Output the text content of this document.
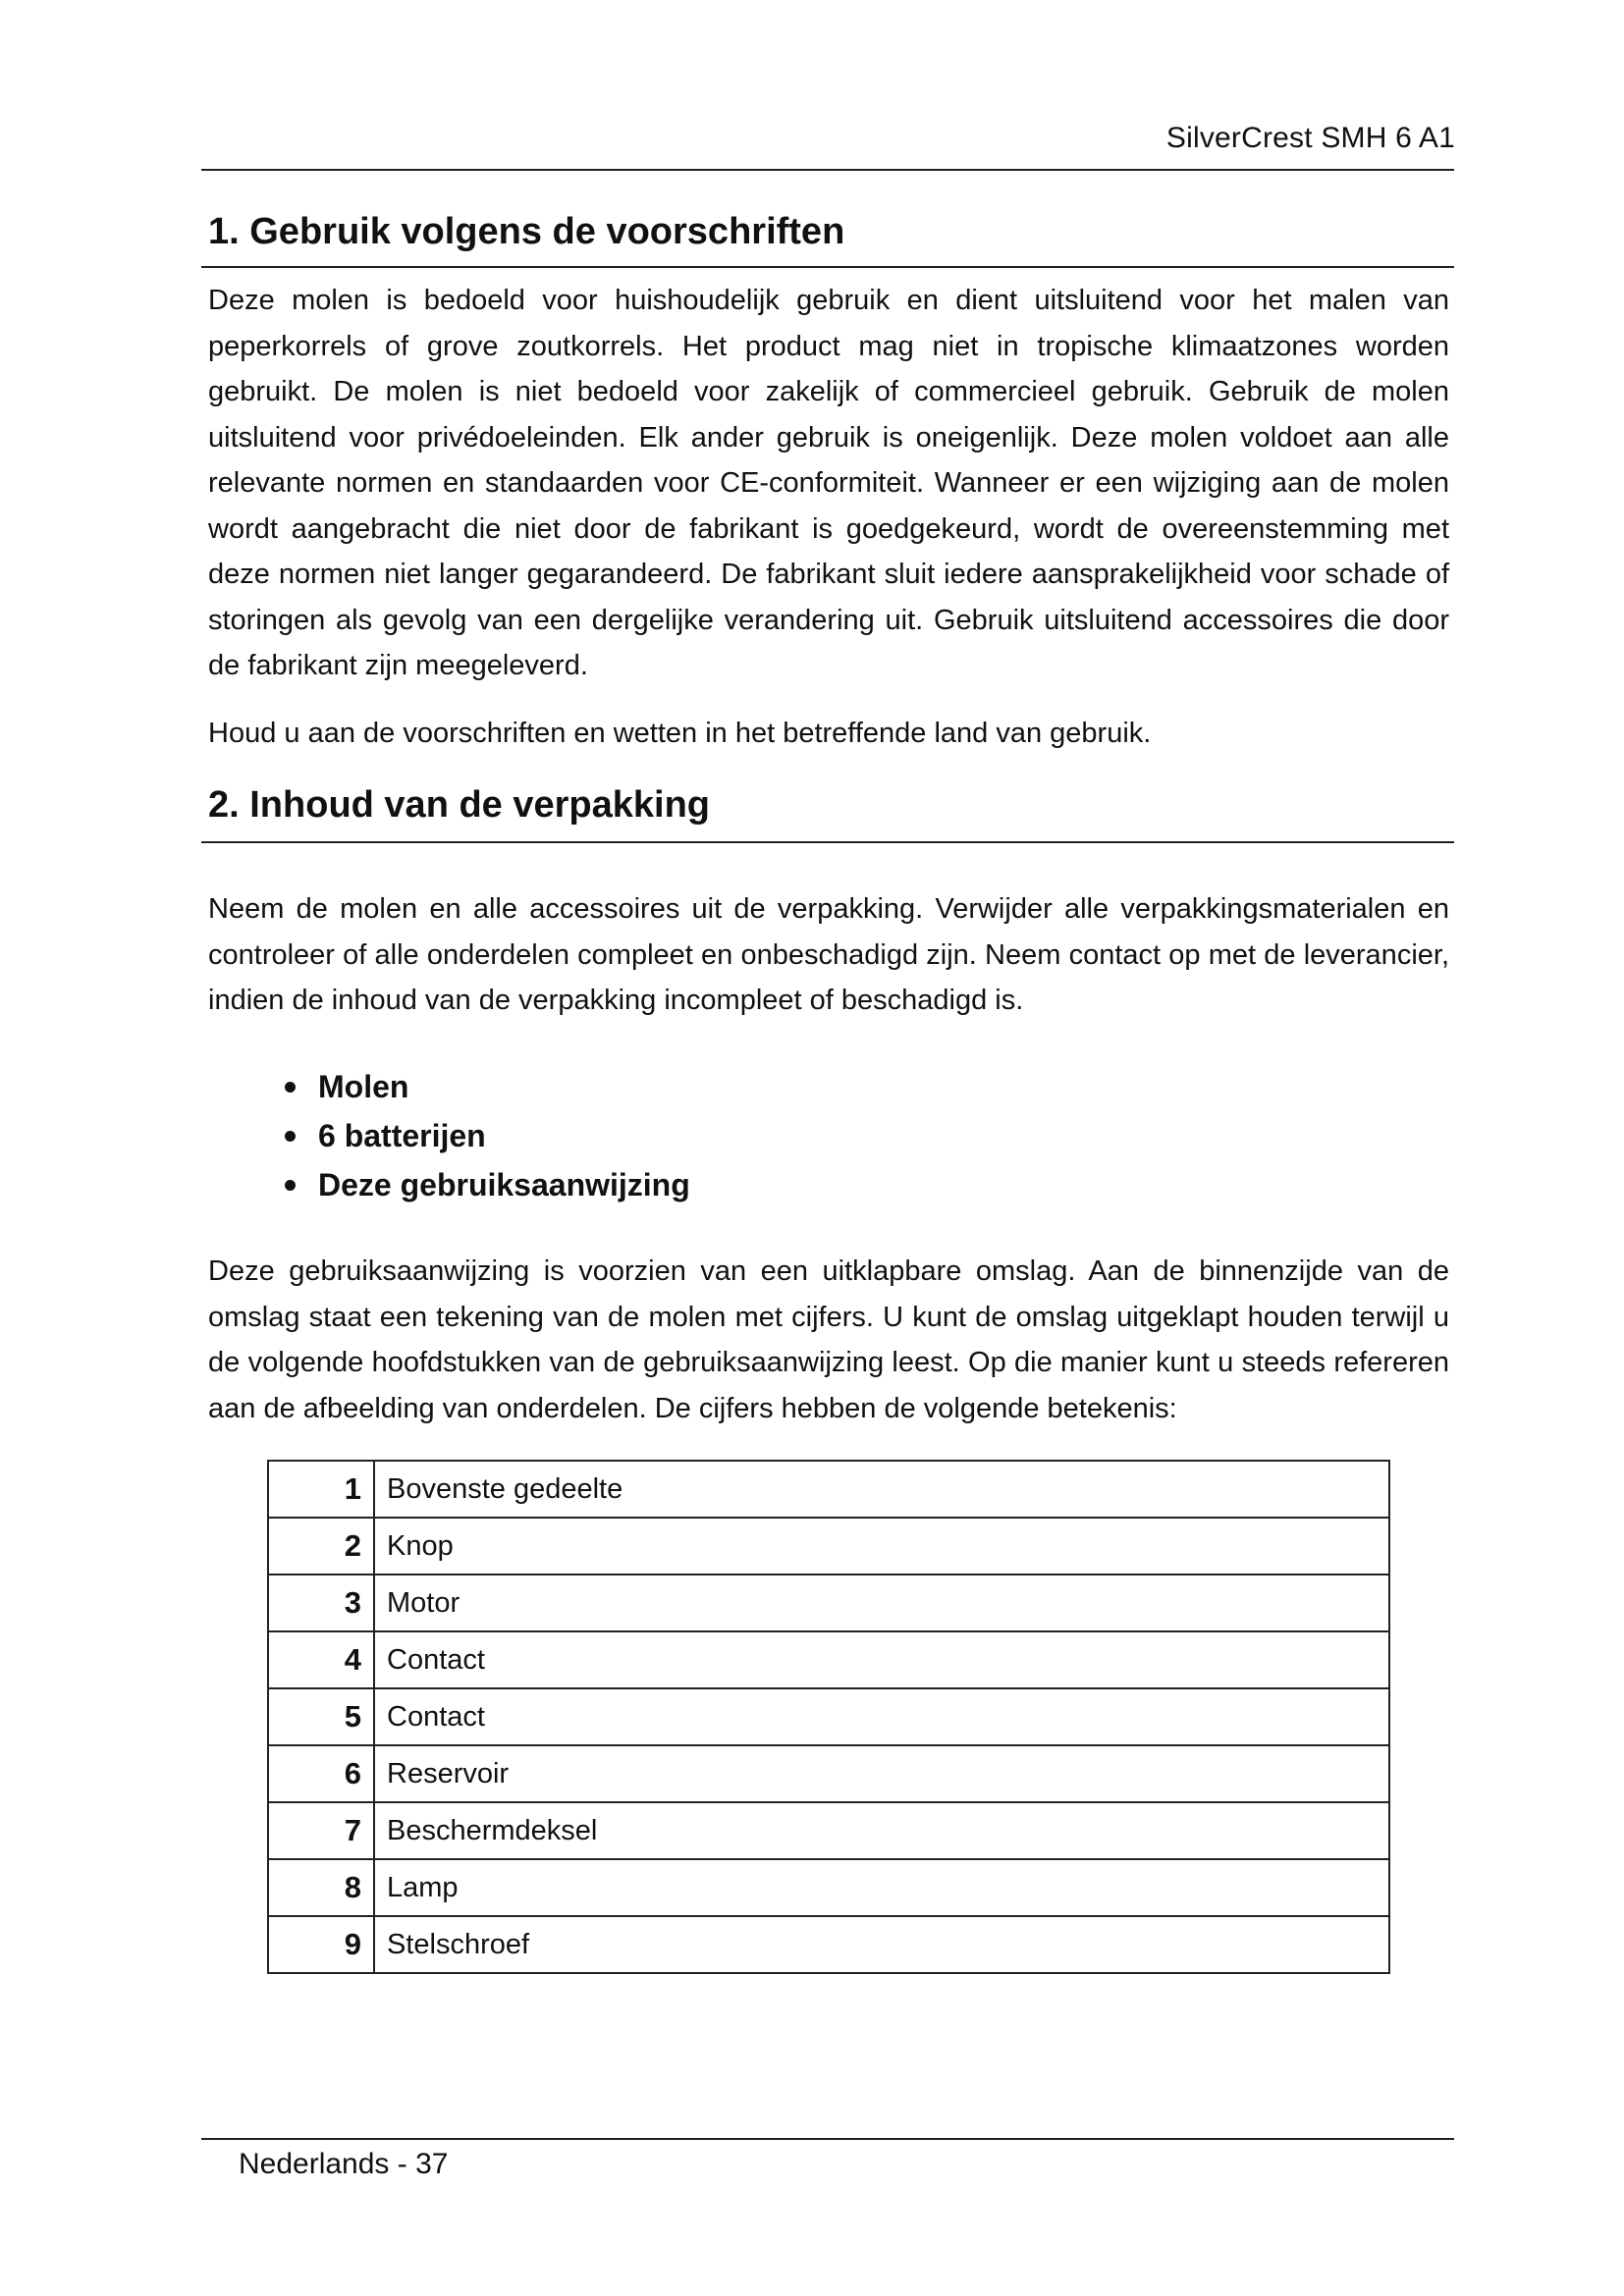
SilverCrest SMH 6 A1
1. Gebruik volgens de voorschriften

Deze molen is bedoeld voor huishoudelijk gebruik en dient uitsluitend voor het malen van peperkorrels of grove zoutkorrels. Het product mag niet in tropische klimaatzones worden gebruikt. De molen is niet bedoeld voor zakelijk of commercieel gebruik. Gebruik de molen uitsluitend voor privédoeleinden. Elk ander gebruik is oneigenlijk. Deze molen voldoet aan alle relevante normen en standaarden voor CE-conformiteit. Wanneer er een wijziging aan de molen wordt aangebracht die niet door de fabrikant is goedgekeurd, wordt de overeenstemming met deze normen niet langer gegarandeerd. De fabrikant sluit iedere aansprakelijkheid voor schade of storingen als gevolg van een dergelijke verandering uit. Gebruik uitsluitend accessoires die door de fabrikant zijn meegeleverd.

Houd u aan de voorschriften en wetten in het betreffende land van gebruik.

2. Inhoud van de verpakking

Neem de molen en alle accessoires uit de verpakking. Verwijder alle verpakkingsmaterialen en controleer of alle onderdelen compleet en onbeschadigd zijn. Neem contact op met de leverancier, indien de inhoud van de verpakking incompleet of beschadigd is.

Molen
6 batterijen
Deze gebruiksaanwijzing

Deze gebruiksaanwijzing is voorzien van een uitklapbare omslag. Aan de binnenzijde van de omslag staat een tekening van de molen met cijfers. U kunt de omslag uitgeklapt houden terwijl u de volgende hoofdstukken van de gebruiksaanwijzing leest. Op die manier kunt u steeds refereren aan de afbeelding van onderdelen. De cijfers hebben de volgende betekenis:

1	Bovenste gedeelte
2	Knop
3	Motor
4	Contact
5	Contact
6	Reservoir
7	Beschermdeksel
8	Lamp
9	Stelschroef
Nederlands - 37
